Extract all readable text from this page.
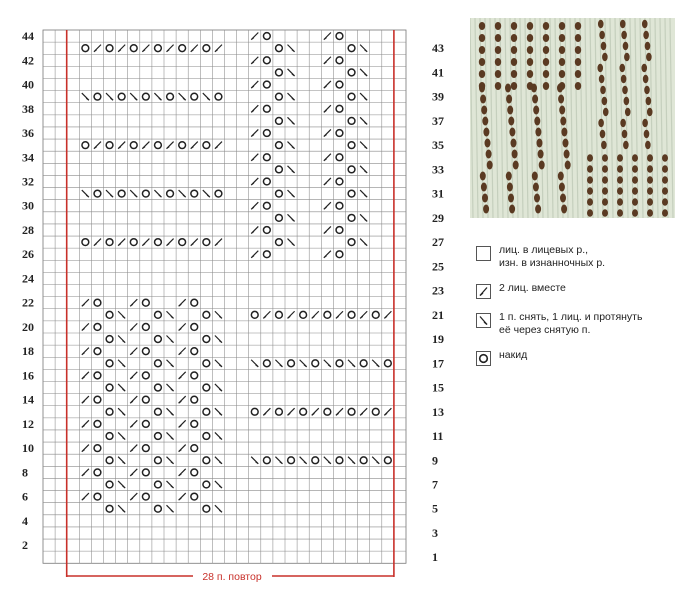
28 п. повтор
2
4
6
8
10
12
14
16
18
20
22
24
26
28
30
32
34
36
38
40
42
44
1
3
5
7
9
11
13
15
17
19
21
23
25
27
29
31
33
35
37
39
41
43
лиц. в лицевых р.,
изн. в изнанночных р.
2 лиц. вместе
1 п. снять, 1 лиц. и протянуть
её через снятую п.
накид
